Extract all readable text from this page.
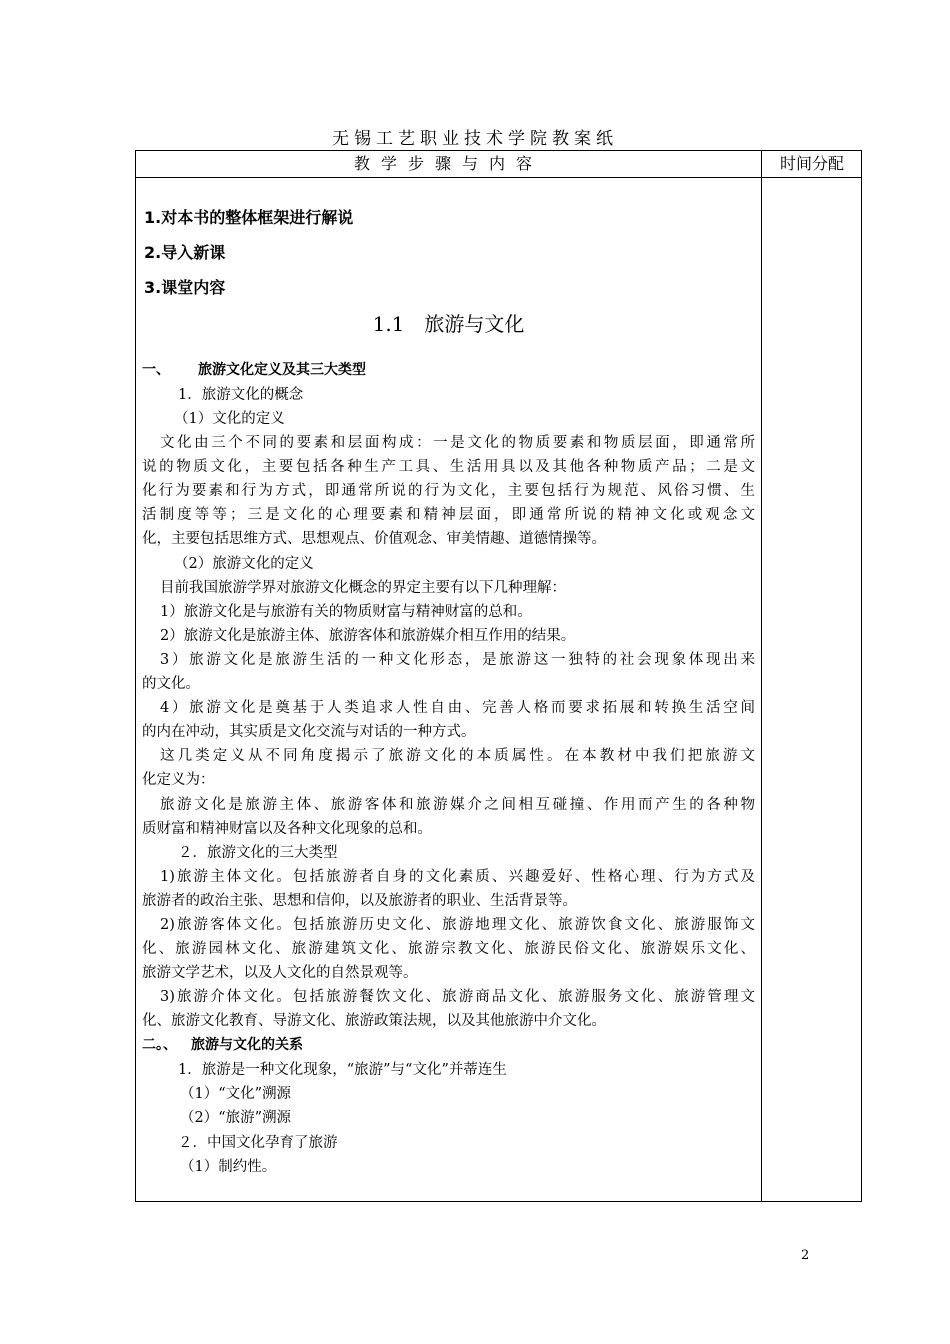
无锡工艺职业技术学院教案纸
教学步骤与内容	时间分配
1.对本书的整体框架进行解说
2.导入新课
3.课堂内容
1.1　旅游与文化
一、 旅游文化定义及其三大类型
1．旅游文化的概念
（1）文化的定义
文化由三个不同的要素和层面构成：一是文化的物质要素和物质层面，即通常所
说的物质文化，主要包括各种生产工具、生活用具以及其他各种物质产品；二是文
化行为要素和行为方式，即通常所说的行为文化，主要包括行为规范、风俗习惯、生
活制度等等；三是文化的心理要素和精神层面，即通常所说的精神文化或观念文
化，主要包括思维方式、思想观点、价值观念、审美情趣、道德情操等。
（2）旅游文化的定义
目前我国旅游学界对旅游文化概念的界定主要有以下几种理解：
1）旅游文化是与旅游有关的物质财富与精神财富的总和。
2）旅游文化是旅游主体、旅游客体和旅游媒介相互作用的结果。
3）旅游文化是旅游生活的一种文化形态，是旅游这一独特的社会现象体现出来
的文化。
4）旅游文化是奠基于人类追求人性自由、完善人格而要求拓展和转换生活空间
的内在冲动，其实质是文化交流与对话的一种方式。
这几类定义从不同角度揭示了旅游文化的本质属性。在本教材中我们把旅游文
化定义为：
旅游文化是旅游主体、旅游客体和旅游媒介之间相互碰撞、作用而产生的各种物
质财富和精神财富以及各种文化现象的总和。
２．旅游文化的三大类型
1)旅游主体文化。包括旅游者自身的文化素质、兴趣爱好、性格心理、行为方式及
旅游者的政治主张、思想和信仰，以及旅游者的职业、生活背景等。
2)旅游客体文化。包括旅游历史文化、旅游地理文化、旅游饮食文化、旅游服饰文
化、旅游园林文化、旅游建筑文化、旅游宗教文化、旅游民俗文化、旅游娱乐文化、
旅游文学艺术，以及人文化的自然景观等。
3)旅游介体文化。包括旅游餐饮文化、旅游商品文化、旅游服务文化、旅游管理文
化、旅游文化教育、导游文化、旅游政策法规，以及其他旅游中介文化。
二。、 旅游与文化的关系
1．旅游是一种文化现象，“旅游”与“文化”并蒂连生
（1）“文化”溯源
（2）“旅游”溯源
２．中国文化孕育了旅游
（1）制约性。
2
